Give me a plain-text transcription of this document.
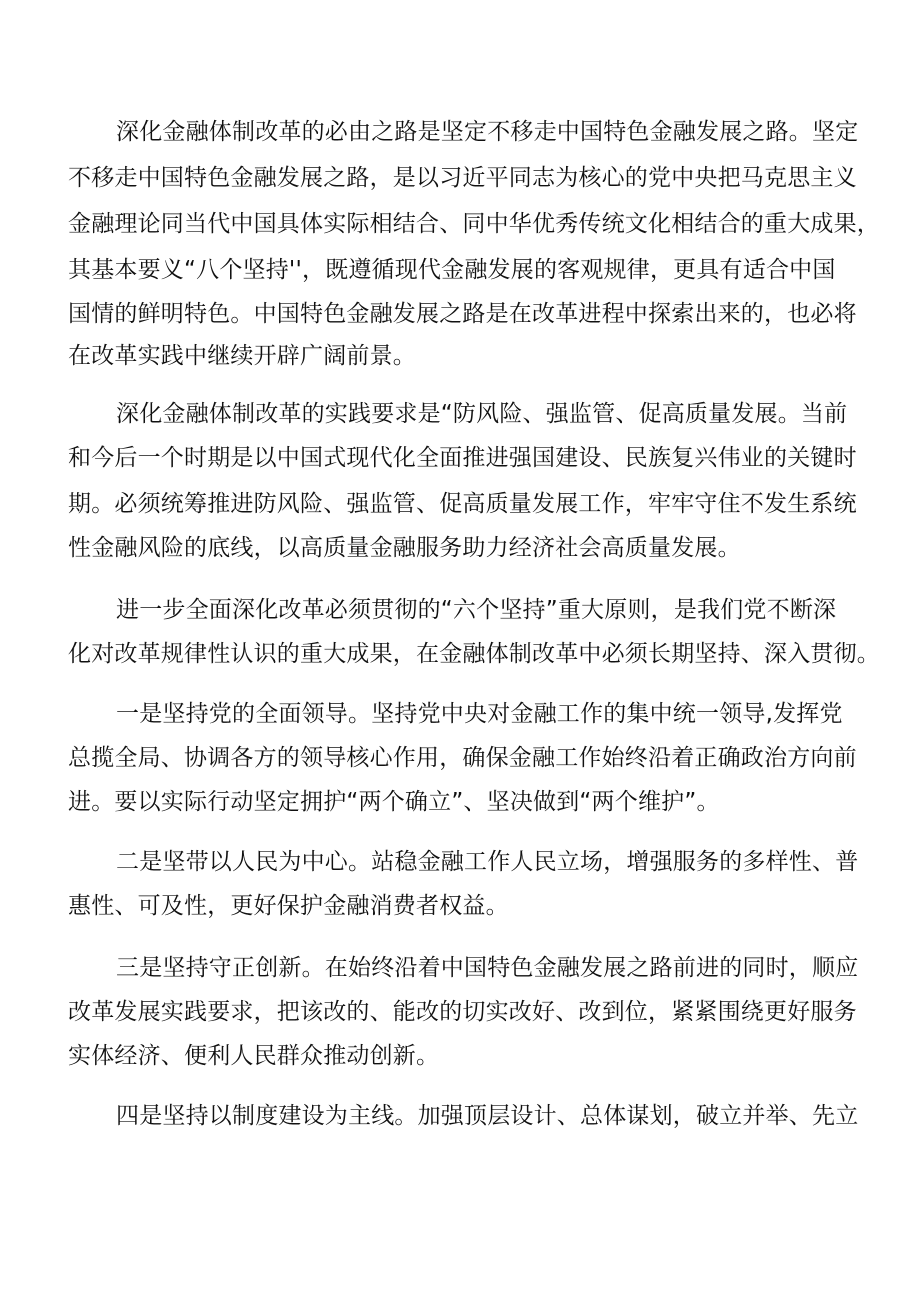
深化金融体制改革的必由之路是坚定不移走中国特色金融发展之路。坚定
不移走中国特色金融发展之路，是以习近平同志为核心的党中央把马克思主义
金融理论同当代中国具体实际相结合、同中华优秀传统文化相结合的重大成果，
其基本要义“八个坚持''，既遵循现代金融发展的客观规律，更具有适合中国
国情的鲜明特色。中国特色金融发展之路是在改革进程中探索出来的，也必将
在改革实践中继续开辟广阔前景。
深化金融体制改革的实践要求是“防风险、强监管、促高质量发展。当前
和今后一个时期是以中国式现代化全面推进强国建设、民族复兴伟业的关键时
期。必须统筹推进防风险、强监管、促高质量发展工作，牢牢守住不发生系统
性金融风险的底线，以高质量金融服务助力经济社会高质量发展。
进一步全面深化改革必须贯彻的“六个坚持”重大原则，是我们党不断深
化对改革规律性认识的重大成果，在金融体制改革中必须长期坚持、深入贯彻。
一是坚持党的全面领导。坚持党中央对金融工作的集中统一领导,发挥党
总揽全局、协调各方的领导核心作用，确保金融工作始终沿着正确政治方向前
进。要以实际行动坚定拥护“两个确立”、坚决做到“两个维护”。
二是坚带以人民为中心。站稳金融工作人民立场，增强服务的多样性、普
惠性、可及性，更好保护金融消费者权益。
三是坚持守正创新。在始终沿着中国特色金融发展之路前进的同时，顺应
改革发展实践要求，把该改的、能改的切实改好、改到位，紧紧围绕更好服务
实体经济、便利人民群众推动创新。
四是坚持以制度建设为主线。加强顶层设计、总体谋划，破立并举、先立
